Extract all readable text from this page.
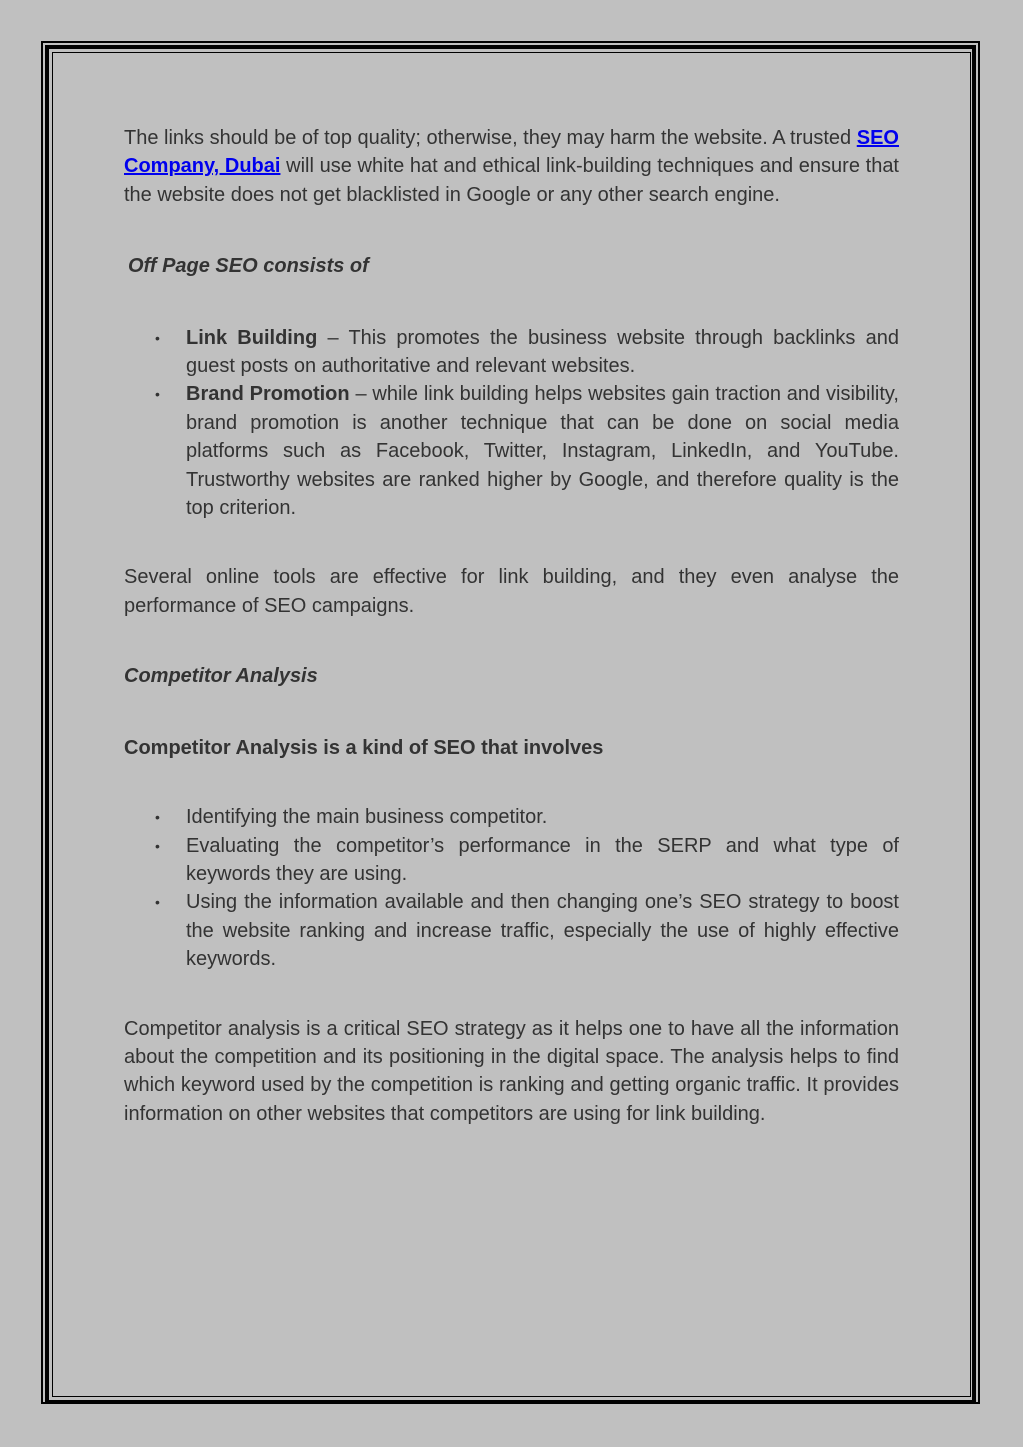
The links should be of top quality; otherwise, they may harm the website. A trusted SEO Company, Dubai will use white hat and ethical link-building techniques and ensure that the website does not get blacklisted in Google or any other search engine.

Off Page SEO consists of

• Link Building – This promotes the business website through backlinks and guest posts on authoritative and relevant websites.
• Brand Promotion – while link building helps websites gain traction and visibility, brand promotion is another technique that can be done on social media platforms such as Facebook, Twitter, Instagram, LinkedIn, and YouTube. Trustworthy websites are ranked higher by Google, and therefore quality is the top criterion.

Several online tools are effective for link building, and they even analyse the performance of SEO campaigns.

Competitor Analysis

Competitor Analysis is a kind of SEO that involves

• Identifying the main business competitor.
• Evaluating the competitor’s performance in the SERP and what type of keywords they are using.
• Using the information available and then changing one’s SEO strategy to boost the website ranking and increase traffic, especially the use of highly effective keywords.

Competitor analysis is a critical SEO strategy as it helps one to have all the information about the competition and its positioning in the digital space. The analysis helps to find which keyword used by the competition is ranking and getting organic traffic. It provides information on other websites that competitors are using for link building.
